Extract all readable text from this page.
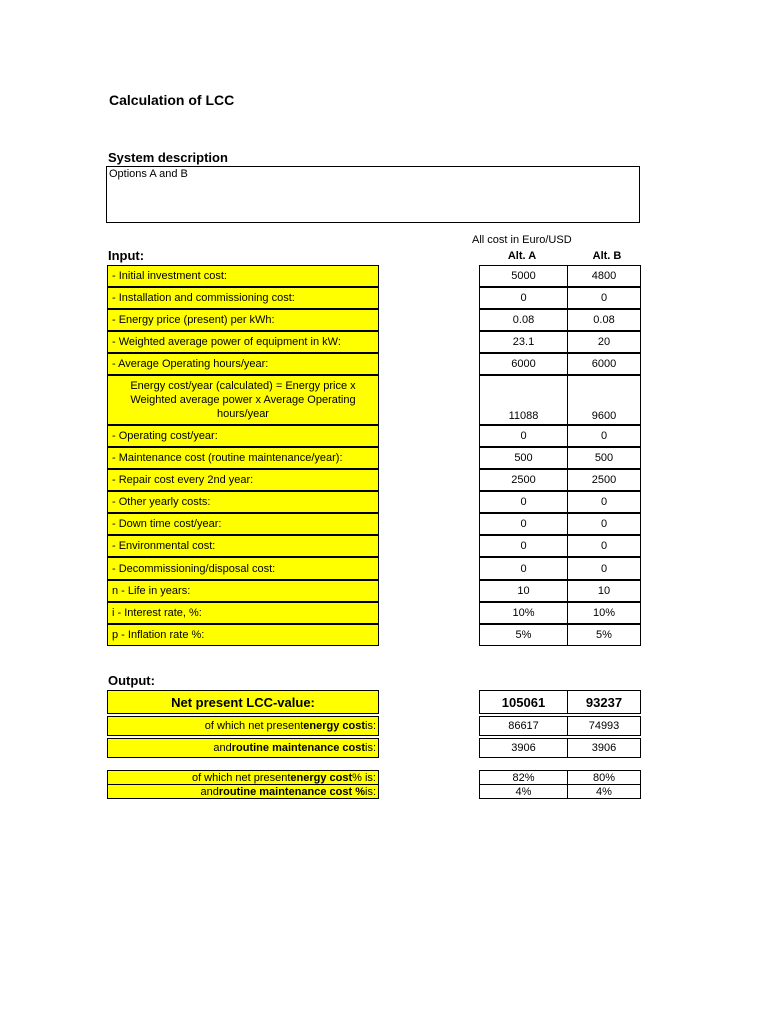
Calculation of LCC
System description
Options A and B
All cost in Euro/USD
Input:	Alt. A	Alt. B
- Initial investment cost:	5000	4800
- Installation and commissioning cost:	0	0
- Energy price (present) per kWh:	0.08	0.08
- Weighted average power of equipment in kW:	23.1	20
- Average Operating hours/year:	6000	6000
Energy cost/year (calculated) = Energy price x Weighted average power x Average Operating hours/year	11088	9600
- Operating cost/year:	0	0
- Maintenance cost (routine maintenance/year):	500	500
- Repair cost every 2nd year:	2500	2500
- Other yearly costs:	0	0
- Down time cost/year:	0	0
- Environmental cost:	0	0
- Decommissioning/disposal cost:	0	0
n - Life in years:	10	10
i - Interest rate, %:	10%	10%
p - Inflation rate %:	5%	5%
Output:
Net present LCC-value:	105061	93237
of which net present energy cost is:	86617	74993
and routine maintenance cost is:	3906	3906
of which net present energy cost % is:	82%	80%
and routine maintenance cost % is:	4%	4%
